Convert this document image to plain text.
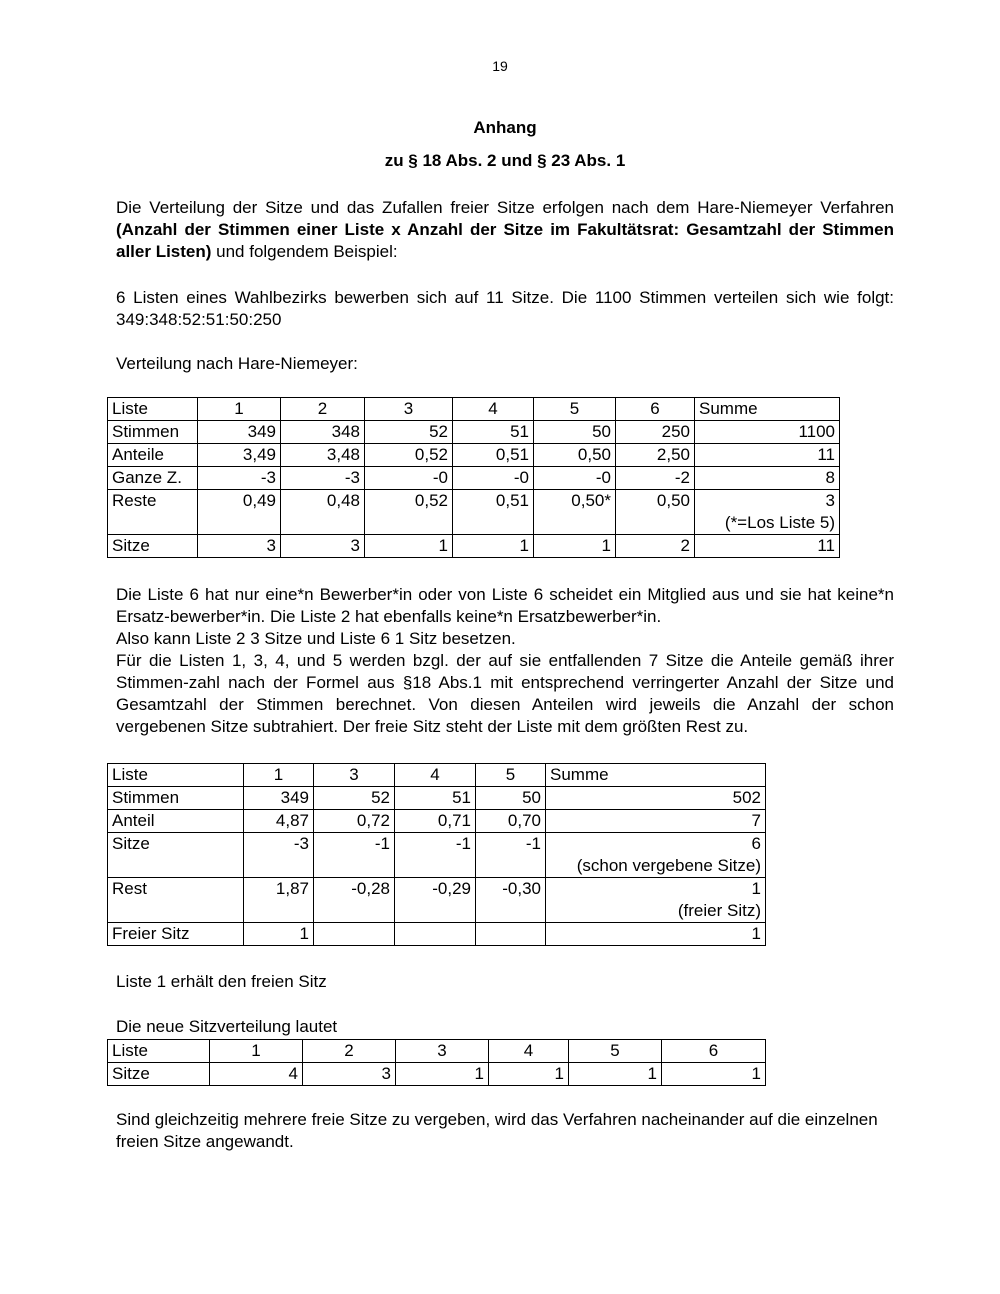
19
Anhang
zu § 18 Abs. 2 und § 23 Abs. 1

Die Verteilung der Sitze und das Zufallen freier Sitze erfolgen nach dem Hare-Niemeyer Verfahren (Anzahl der Stimmen einer Liste x Anzahl der Sitze im Fakultätsrat: Gesamtzahl der Stimmen aller Listen) und folgendem Beispiel:

6 Listen eines Wahlbezirks bewerben sich auf 11 Sitze. Die 1100 Stimmen verteilen sich wie folgt: 349:348:52:51:50:250

Verteilung nach Hare-Niemeyer:
Liste	1	2	3	4	5	6	Summe
Stimmen	349	348	52	51	50	250	1100
Anteile	3,49	3,48	0,52	0,51	0,50	2,50	11
Ganze Z.	-3	-3	-0	-0	-0	-2	8
Reste	0,49	0,48	0,52	0,51	0,50*	0,50	3
(*=Los Liste 5)

Sitze	3	3	1	1	1	2	11

Die Liste 6 hat nur eine*n Bewerber*in oder von Liste 6 scheidet ein Mitglied aus und sie hat keine*n Ersatz-bewerber*in. Die Liste 2 hat ebenfalls keine*n Ersatzbewerber*in.

Also kann Liste 2 3 Sitze und Liste 6 1 Sitz besetzen.

Für die Listen 1, 3, 4, und 5 werden bzgl. der auf sie entfallenden 7 Sitze die Anteile gemäß ihrer Stimmen-zahl nach der Formel aus §18 Abs.1 mit entsprechend verringerter Anzahl der Sitze und Gesamtzahl der Stimmen berechnet. Von diesen Anteilen wird jeweils die Anzahl der schon vergebenen Sitze subtrahiert. Der freie Sitz steht der Liste mit dem größten Rest zu.

Liste	1	3	4	5	Summe
Stimmen	349	52	51	50	502
Anteil	4,87	0,72	0,71	0,70	7
Sitze	-3	-1	-1	-1	6
(schon vergebene Sitze)

Rest	1,87	-0,28	-0,29	-0,30	1
(freier Sitz)

Freier Sitz	1				1
Liste 1 erhält den freien Sitz
Die neue Sitzverteilung lautet
Liste	1	2	3	4	5	6
Sitze	4	3	1	1	1	1

Sind gleichzeitig mehrere freie Sitze zu vergeben, wird das Verfahren nacheinander auf die einzelnen freien Sitze angewandt.
